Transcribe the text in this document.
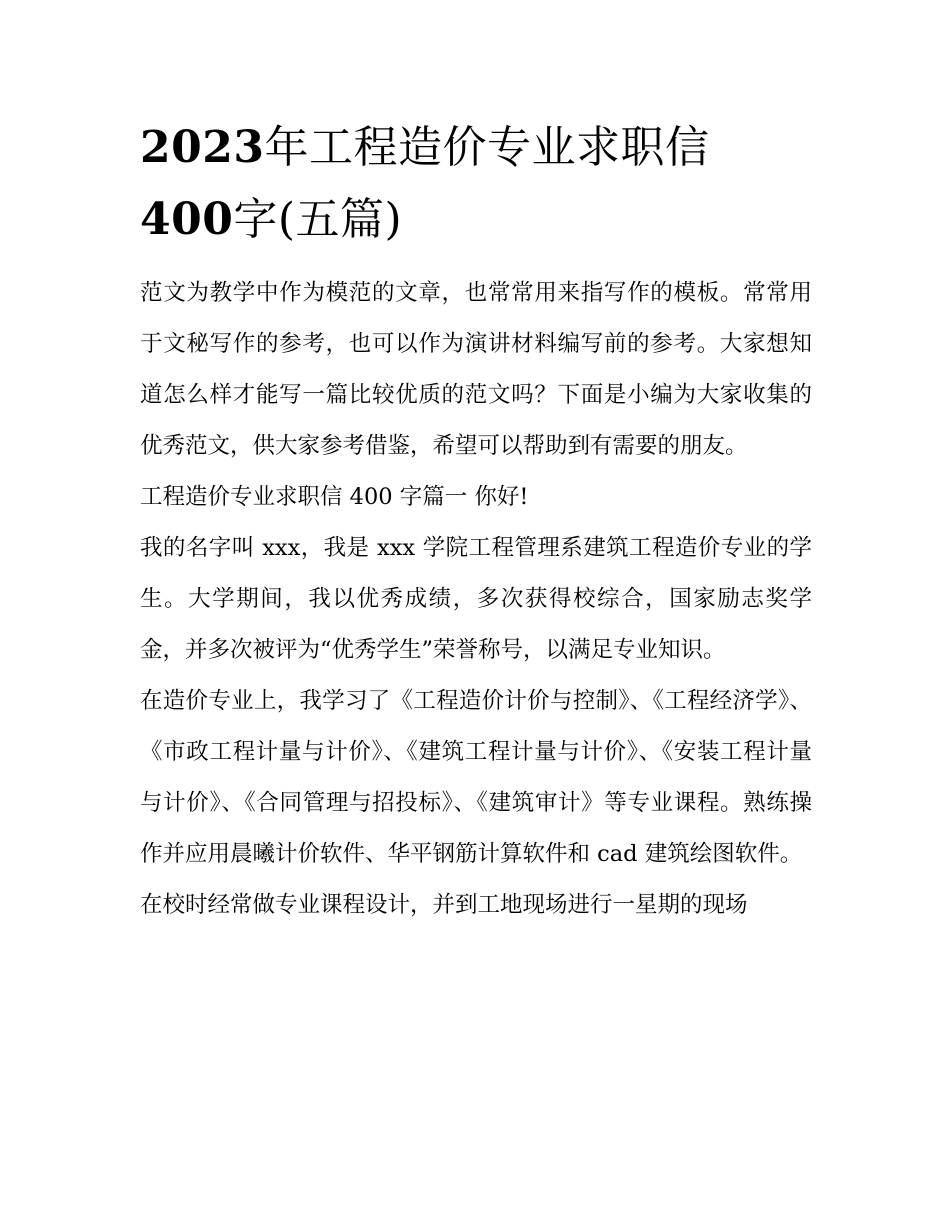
2023年工程造价专业求职信
400字(五篇)

范文为教学中作为模范的文章，也常常用来指写作的模板。常常用于文秘写作的参考，也可以作为演讲材料编写前的参考。大家想知道怎么样才能写一篇比较优质的范文吗？下面是小编为大家收集的优秀范文，供大家参考借鉴，希望可以帮助到有需要的朋友。

工程造价专业求职信 400 字篇一 你好!

我的名字叫 xxx，我是 xxx 学院工程管理系建筑工程造价专业的学生。大学期间，我以优秀成绩，多次获得校综合，国家励志奖学金，并多次被评为“优秀学生”荣誉称号，以满足专业知识。

在造价专业上，我学习了《工程造价计价与控制》、《工程经济学》、《市政工程计量与计价》、《建筑工程计量与计价》、《安装工程计量与计价》、《合同管理与招投标》、《建筑审计》等专业课程。熟练操作并应用晨曦计价软件、华平钢筋计算软件和 cad 建筑绘图软件。

在校时经常做专业课程设计，并到工地现场进行一星期的现场
